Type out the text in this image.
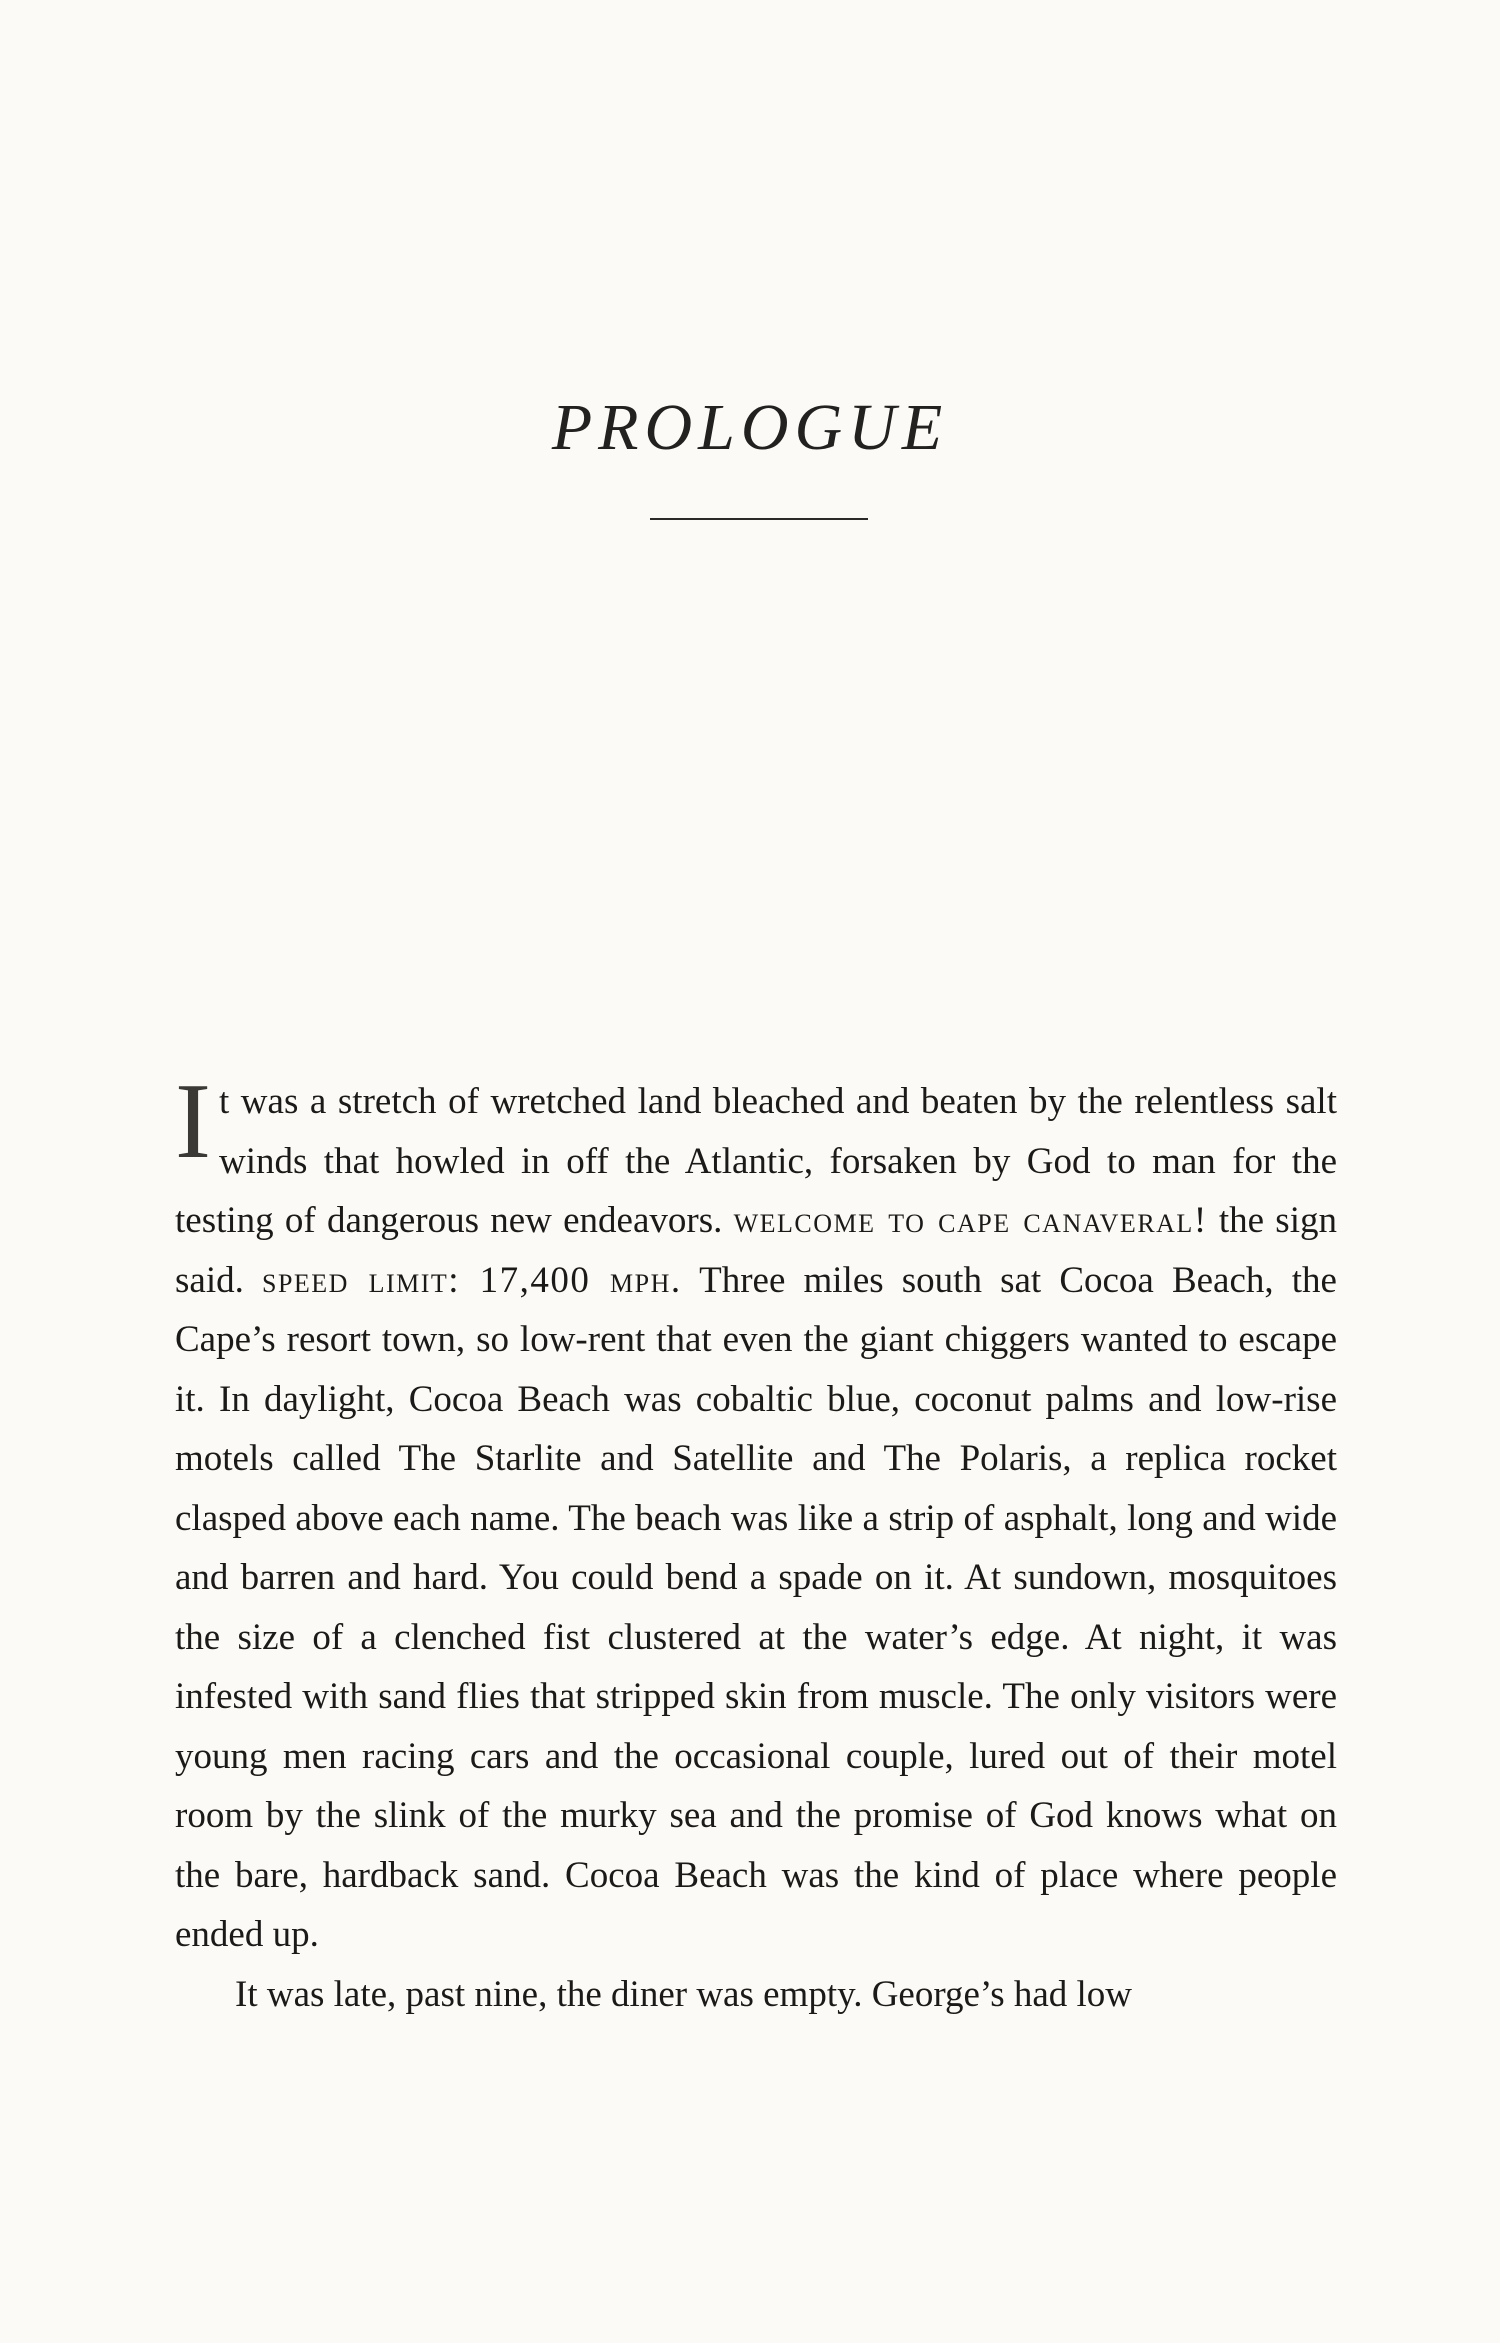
PROLOGUE

It was a stretch of wretched land bleached and beaten by the relentless salt winds that howled in off the Atlantic, forsaken by God to man for the testing of dangerous new endeavors. welcome to cape canaveral! the sign said. speed limit: 17,400 mph. Three miles south sat Cocoa Beach, the Cape’s resort town, so low-rent that even the giant chiggers wanted to escape it. In daylight, Cocoa Beach was cobaltic blue, coconut palms and low-rise motels called The Starlite and Satellite and The Polaris, a replica rocket clasped above each name. The beach was like a strip of asphalt, long and wide and barren and hard. You could bend a spade on it. At sundown, mosquitoes the size of a clenched fist clustered at the water’s edge. At night, it was infested with sand flies that stripped skin from muscle. The only visitors were young men racing cars and the occasional couple, lured out of their motel room by the slink of the murky sea and the promise of God knows what on the bare, hardback sand. Cocoa Beach was the kind of place where people ended up.

It was late, past nine, the diner was empty. George’s had low
